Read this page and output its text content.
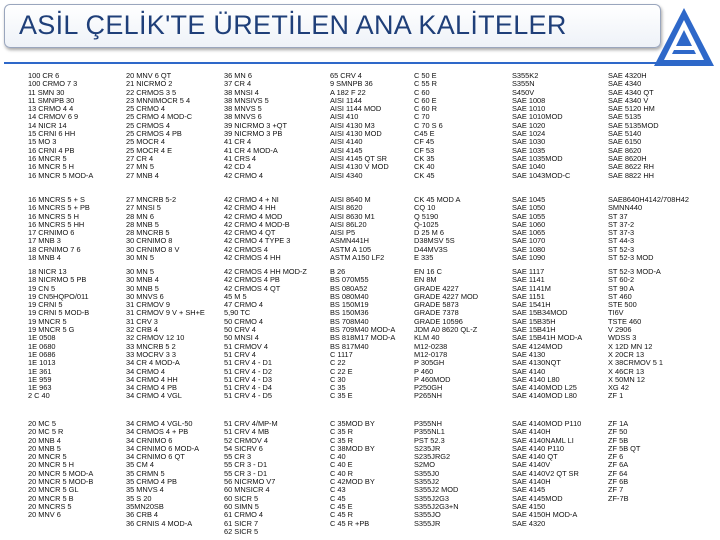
ASİL ÇELİK'TE ÜRETİLEN ANA KALİTELER
100 CR 6
100 CRMO 7 3
11 SMN 30
11 SMNPB 30
13 CRMO 4 4
14 CRMOV 6 9
14 NICR 14
15 CRNI 6 HH
15 MO 3
16 CRNI 4 PB
16 MNCR 5
16 MNCR 5 H
16 MNCR 5 MOD-A
20 MNV 6 QT
21 NICRMO 2
22 CRMOS 3 5
23 MNNIMOCR 5 4
25 CRMO 4
25 CRMO 4 MOD-C
25 CRMOS 4
25 CRMOS 4 PB
25 MOCR 4
25 MOCR 4 E
27 CR 4
27 MN 5
27 MNB 4
36 MN 6
37 CR 4
38 MNSI 4
38 MNSIVS 5
38 MNVS 5
38 MNVS 6
39 NICRMO 3 +QT
39 NICRMO 3 PB
41 CR 4
41 CR 4 MOD-A
41 CRS 4
42 CD 4
42 CRMO 4
65 CRV 4
9 SMNPB 36
A 182 F 22
AISI 1144
AISI 1144 MOD
AISI 410
AISI 4130 M3
AISI 4130 MOD
AISI 4140
AISI 4145
AISI 4145 QT SR
AISI 4130 V MOD
AISI 4340
C 50 E
C 55 R
C 60
C 60 E
C 60 R
C 70
C 70 S 6
C45 E
CF 45
CF 53
CK 35
CK 40
CK 45
S355K2
S355N
S450V
SAE 1008
SAE 1010
SAE 1010MOD
SAE 1020
SAE 1024
SAE 1030
SAE 1035
SAE 1035MOD
SAE 1040
SAE 1043MOD-C
SAE 4320H
SAE 4340
SAE 4340 QT
SAE 4340 V
SAE 5120 HM
SAE 5135
SAE 5135MOD
SAE 5140
SAE 6150
SAE 8620
SAE 8620H
SAE 8622 RH
SAE 8822 HH
16 MNCRS 5 + S
16 MNCRS 5 + PB
16 MNCRS 5 H
16 MNCRS 5 HH
17 CRNIMO 6
17 MNB 3
18 CRNIMO 7 6
18 MNB 4
27 MNCRB 5-2
27 MNSI 5
28 MN 6
28 MNB 5
28 MNCRB 5
30 CRNIMO 8
30 CRNIMO 8 V
30 MN 5
42 CRMO 4 + NI
42 CRMO 4 HH
42 CRMO 4 MOD
42 CRMO 4 MOD-B
42 CRMO 4 QT
42 CRMO 4 TYPE 3
42 CRMOS 4
42 CRMOS 4 HH
AISI 8640 M
AISI 8620
AISI 8630 M1
AISI 86L20
AISI P5
ASMN441H
ASTM A 105
ASTM A150 LF2
CK 45 MOD A
CQ 10
Q 5190
Q-1025
D 25 M 6
D38MSV 5S
D44MV3S
E 335
SAE 1045
SAE 1050
SAE 1055
SAE 1060
SAE 1065
SAE 1070
SAE 1080
SAE 1090
SAE8640H4142/708H42
SMNN440
ST 37
ST 37-2
ST 37-3
ST 44-3
ST 52-3
ST 52-3 MOD
18 NICR 13
18 NICRMO 5 PB
19 CN 5
19 CN5HQPO/011
19 CRNI 5
19 CRNI 5 MOD-B
19 MNCR 5
19 MNCR 5 G
1E 0508
1E 0680
1E 0686
1E 1013
1E 361
1E 959
1E 963
2 C 40
30 MN 5
30 MNB 4
30 MNB 5
30 MNVS 6
31 CRMOV 9
31 CRMOV 9 V + SH+E
31 CRV 3
32 CRB 4
32 CRMOV 12 10
33 MNCRB 5 2
33 MOCRV 3 3
34 CR 4 MOD-A
34 CRMO 4
34 CRMO 4 HH
34 CRMO 4 PB
34 CRMO 4 VGL
42 CRMOS 4 HH MOD-Z
42 CRMOS 4 PB
42 CRMOS 4 QT
45 M 5
47 CRMO 4
5,90 TC
50 CRMO 4
50 CRV 4
50 MNSI 4
51 CRMOV 4
51 CRV 4
51 CRV 4 - D1
51 CRV 4 - D2
51 CRV 4 - D3
51 CRV 4 - D4
51 CRV 4 - D5
B 26
BS 070M55
BS 080A52
BS 080M40
BS 150M19
BS 150M36
BS 708M40
BS 709M40 MOD-A
BS 818M17 MOD-A
BS 817M40
C 1117
C 22
C 22 E
C 30
C 35
C 35 E
EN 16 C
EN 8M
GRADE 4227
GRADE 4227 MOD
GRADE 5873
GRADE 7378
GRADE 10596
JDM A0 8620 QL-Z
KLM 40
M12-0238
M12-0178
P 305GH
P 460
P 460MOD
P250GH
P265NH
SAE 1117
SAE 1141
SAE 1141M
SAE 1151
SAE 1541H
SAE 15B34MOD
SAE 15B35H
SAE 15B41H
SAE 15B41H MOD-A
SAE 4124MOD
SAE 4130
SAE 4130NQT
SAE 4140
SAE 4140 L80
SAE 4140MOD L25
SAE 4140MOD L80
ST 52-3 MOD-A
ST 60-2
ST 90 A
ST 460
STE 500
TI6V
TSTE 460
V 2906
WDSS 3
X 12D MN 12
X 20CR 13
X 38CRMOV 5 1
X 46CR 13
X 50MN 12
XG 42
ZF 1
20 MC 5
20 MC 5 R
20 MNB 4
20 MNB 5
20 MNCR 5
20 MNCR 5 H
20 MNCR 5 MOD-A
20 MNCR 5 MOD-B
20 MNCR 5 GL
20 MNCR 5 B
20 MNCRS 5
20 MNV 6
34 CRMO 4 VGL-50
34 CRMOS 4 + PB
34 CRNIMO 6
34 CRNIMO 6 MOD-A
34 CRNIMO 6 QT
35 CM 4
35 CRMN 5
35 CRMO 4 PB
35 MNVS 4
35 S 20
35MN20SB
36 CRB 4
36 CRNIS 4 MOD-A
51 CRV 4/MP-M
51 CRV 4 MB
52 CRMOV 4
54 SICRV 6
55 CR 3
55 CR 3 - D1
55 CR 3 - D1
56 NICRMO V7
60 MNSICR 4
60 SICR 5
60 SIMN 5
61 CRMO 4
61 SICR 7
62 SICR 5
C 35MOD BY
C 35 R
C 35 R
C 38MOD BY
C 40
C 40 E
C 40 R
C 42MOD BY
C 43
C 45
C 45 E
C 45 R
C 45 R +PB
P355NH
P355NL1
PST 52.3
S235JR
S235JRG2
S2MO
S355J0
S355J2
S355J2 MOD
S355J2G3
S355J2G3+N
S355JO
S355JR
SAE 4140MOD P110
SAE 4140H
SAE 4140NAML LI
SAE 4140 P110
SAE 4140 QT
SAE 4140V
SAE 4140V2 QT SR
SAE 4140H
SAE 4145
SAE 4145MOD
SAE 4150
SAE 4150H MOD-A
SAE 4320
ZF 1A
ZF 50
ZF 5B
ZF 5B QT
ZF 6
ZF 6A
ZF 64
ZF 6B
ZF 7
ZF-7B
